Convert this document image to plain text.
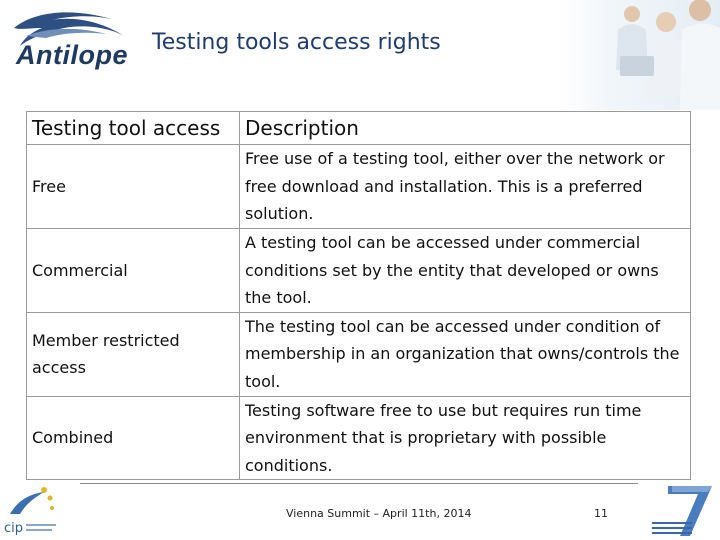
Antilope Testing tools access rights
Testing tool access	Description
Free	Free use of a testing tool, either over the network or free download and installation. This is a preferred solution.
Commercial	A testing tool can be accessed under commercial conditions set by the entity that developed or owns the tool.
Member restricted access	The testing tool can be accessed under condition of membership in an organization that owns/controls the tool.
Combined	Testing software free to use but requires run time environment that is proprietary with possible conditions.
cip
Vienna Summit – April 11th, 2014	11
